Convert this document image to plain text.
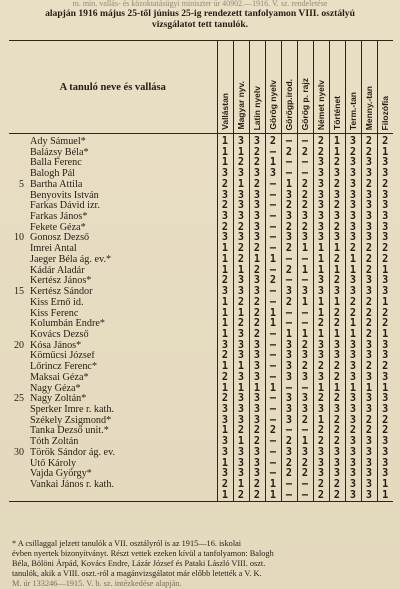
m. min. vallás- és közoktatásügyi miniszter úr 40902.—1916. V. sz. rendeletése
alapján 1916 május 25-től június 25-ig rendezett tanfolyamon VIII. osztályú
vizsgálatot tett tanulók.
A tanuló neve és vallása		Vallástan	Magyar nyv.	Latin nyelv	Görög nyelv	Görögp.irod.	Görög p. rajz	Német nyelv	Történet	Term.-tan	Menny.-tan	Filozófia

	Ady Sámuel*	1	3	3	2	—	—	2	1	3	2	2
	Balázsy Béla*	1	1	2	—	2	2	2	1	2	2	1
	Balla Ferenc	1	2	2	1	—	—	3	2	3	3	3
	Balogh Pál	3	3	3	3	—	—	3	3	3	3	3
5	Bartha Attila	2	1	2	—	1	2	3	2	3	2	2
	Benyovits István	3	3	3	—	3	2	3	3	3	3	3
	Farkas Dávid izr.	2	3	3	—	2	2	3	2	3	3	3
	Farkas János*	3	3	3	—	3	3	3	3	3	3	3
	Fekete Géza*	2	2	3	—	2	2	3	2	3	3	3
10	Gonosz Dezső	3	3	3	—	3	3	3	3	3	3	3
	Imrei Antal	1	2	2	—	2	1	1	1	2	2	2
	Jaeger Béla ág. ev.*	1	2	1	1	—	—	1	2	1	2	2
	Kádár Aladár	1	1	2	—	2	1	1	1	1	2	1
	Kertész János*	2	3	3	2	—	—	3	2	3	3	3
15	Kertész Sándor	3	3	3	—	3	3	3	3	3	3	3
	Kiss Ernő id.	1	2	2	—	2	1	1	1	2	2	1
	Kiss Ferenc	1	1	2	1	—	—	1	2	2	2	2
	Kolumbán Endre*	1	2	2	1	—	—	2	2	1	2	2
	Kovács Dezső	1	3	2	—	1	1	1	1	1	2	1
20	Kósa János*	3	3	3	—	3	2	3	3	3	3	3
	Köműcsi József	2	3	3	—	3	3	3	3	3	3	3
	Lőrincz Ferenc*	1	1	3	—	3	2	2	2	3	2	2
	Maksai Géza*	2	3	3	—	3	3	3	2	3	3	3
	Nagy Géza*	1	1	1	1	—	—	1	1	1	1	1
25	Nagy Zoltán*	2	3	3	—	3	3	2	2	3	3	3
	Sperker Imre r. kath.	3	3	3	—	3	3	3	3	3	3	3
	Székely Zsigmond*	3	3	3	—	3	2	1	2	3	2	2
	Tanka Dezső unit.*	1	2	2	2	—	—	2	2	2	2	2
	Tóth Zoltán	3	1	2	—	2	1	2	2	3	3	3
30	Török Sándor ág. ev.	3	3	3	—	3	3	3	3	3	3	3
	Ütő Károly	1	3	3	—	2	2	3	3	3	3	3
	Vajda György*	3	3	3	—	2	2	3	3	3	3	3
	Vankai János r. kath.	2	1	2	1	—	—	2	2	3	3	1
		1	2	2	1	—	—	2	2	3	3	1
* A csillaggal jelzett tanulók a VII. osztályról is az 1915—16. iskolai
évben nyertek bizonyítványt. Részt vettek ezeken kívül a tanfolyamon: Balogh
Béla, Bölöni Árpád, Kovács Endre, Lázár József és Pataki László VIII. oszt.
tanulók, akik a VIII. oszt.-ról a magánvizsgálatot már előbb letették a V. K.
M. úr 133246—1915. V. b. sz. intézkedése alapján.
